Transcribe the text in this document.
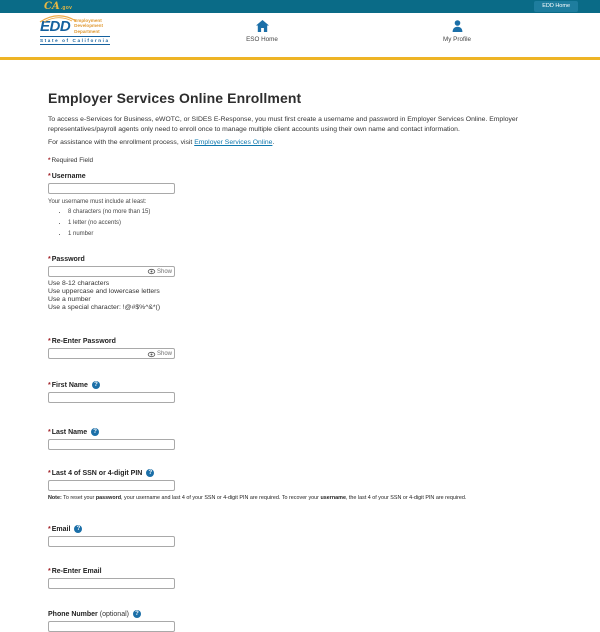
CA .gov	EDD Home
EDD Employment
Development
Department
State of California	ESO Home	My Profile
Employer Services Online Enrollment

To access e-Services for Business, eWOTC, or SIDES E-Response, you must first create a username and password in Employer Services Online. Employer representatives/payroll agents only need to enroll once to manage multiple client accounts using their own name and contact information.

For assistance with the enrollment process, visit Employer Services Online.

*Required Field
* Username
Your username must include at least:
• 8 characters (no more than 15)
• 1 letter (no accents)
• 1 number
* Password
Show
Use 8-12 characters
Use uppercase and lowercase letters
Use a number
Use a special character: !@#$%^&*()
* Re-Enter Password
Show
* First Name	?
* Last Name	?
* Last 4 of SSN or 4-digit PIN	?
Note: To reset your password, your username and last 4 of your SSN or 4-digit PIN are required. To recover your username, the last 4 of your SSN or 4-digit PIN are required.
* Email	?
* Re-Enter Email
Phone Number (optional)	?
